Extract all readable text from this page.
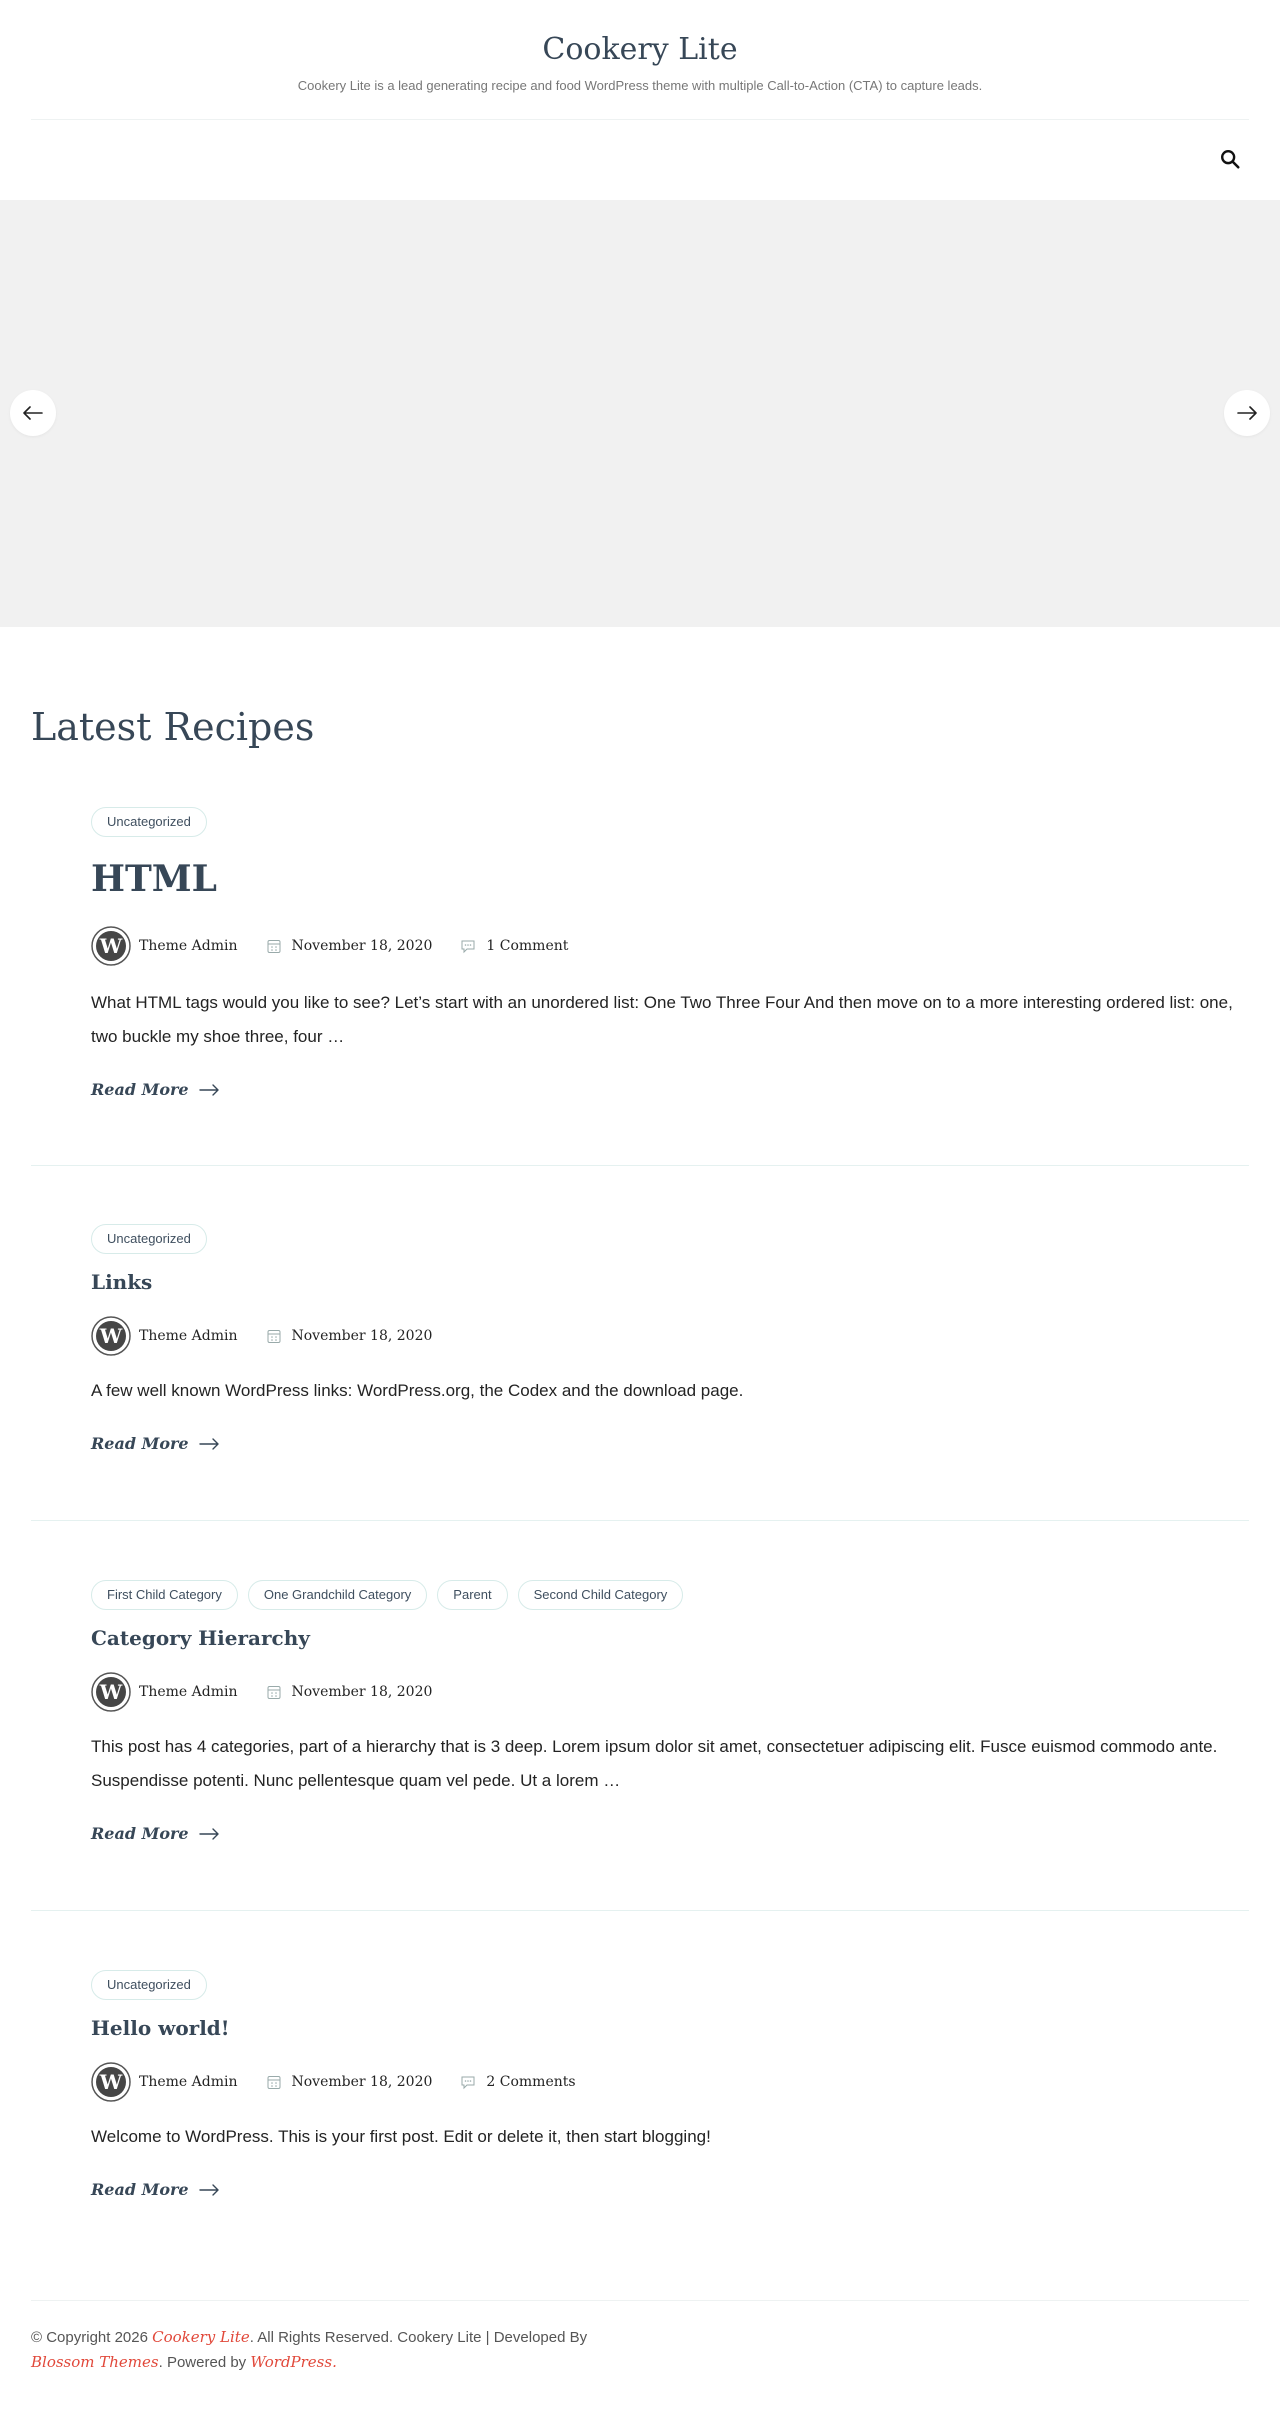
Cookery Lite

Cookery Lite is a lead generating recipe and food WordPress theme with multiple Call-to-Action (CTA) to capture leads.

Latest Recipes
Uncategorized
HTML
W Theme Admin	November 18, 2020	1 Comment

What HTML tags would you like to see? Let’s start with an unordered list: One Two Three Four And then move on to a more interesting ordered list: one, two buckle my shoe three, four …

Read More
Uncategorized
Links
W Theme Admin	November 18, 2020

A few well known WordPress links: WordPress.org, the Codex and the download page.

Read More
First Child Category	One Grandchild Category	Parent	Second Child Category
Category Hierarchy
W Theme Admin	November 18, 2020

This post has 4 categories, part of a hierarchy that is 3 deep. Lorem ipsum dolor sit amet, consectetuer adipiscing elit. Fusce euismod commodo ante. Suspendisse potenti. Nunc pellentesque quam vel pede. Ut a lorem …

Read More
Uncategorized
Hello world!
W Theme Admin	November 18, 2020	2 Comments

Welcome to WordPress. This is your first post. Edit or delete it, then start blogging!

Read More
© Copyright 2026 Cookery Lite. All Rights Reserved. Cookery Lite | Developed By
Blossom Themes. Powered by WordPress.
